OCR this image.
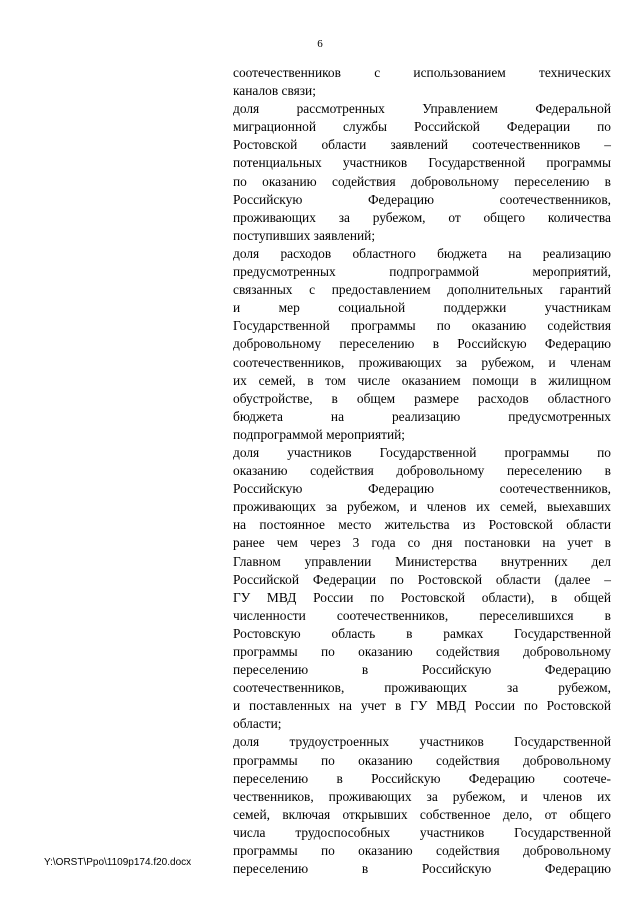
6
соотечественников с использованием технических
каналов связи;
доля рассмотренных Управлением Федеральной
миграционной службы Российской Федерации по
Ростовской области заявлений соотечественников –
потенциальных участников Государственной программы
по оказанию содействия добровольному переселению в
Российскую Федерацию соотечественников,
проживающих за рубежом, от общего количества
поступивших заявлений;
доля расходов областного бюджета на реализацию
предусмотренных подпрограммой мероприятий,
связанных с предоставлением дополнительных гарантий
и мер социальной поддержки участникам
Государственной программы по оказанию содействия
добровольному переселению в Российскую Федерацию
соотечественников, проживающих за рубежом, и членам
их семей, в том числе оказанием помощи в жилищном
обустройстве, в общем размере расходов областного
бюджета на реализацию предусмотренных
подпрограммой мероприятий;
доля участников Государственной программы по
оказанию содействия добровольному переселению в
Российскую Федерацию соотечественников,
проживающих за рубежом, и членов их семей, выехавших
на постоянное место жительства из Ростовской области
ранее чем через 3 года со дня постановки на учет в
Главном управлении Министерства внутренних дел
Российской Федерации по Ростовской области (далее –
ГУ МВД России по Ростовской области), в общей
численности соотечественников, переселившихся в
Ростовскую область в рамках Государственной
программы по оказанию содействия добровольному
переселению в Российскую Федерацию
соотечественников, проживающих за рубежом,
и поставленных на учет в ГУ МВД России по Ростовской
области;
доля трудоустроенных участников Государственной
программы по оказанию содействия добровольному
переселению в Российскую Федерацию соотече-
чественников, проживающих за рубежом, и членов их
семей, включая открывших собственное дело, от общего
числа трудоспособных участников Государственной
программы по оказанию содействия добровольному
переселению в Российскую Федерацию
Y:\ORST\Ppo\1109p174.f20.docx
